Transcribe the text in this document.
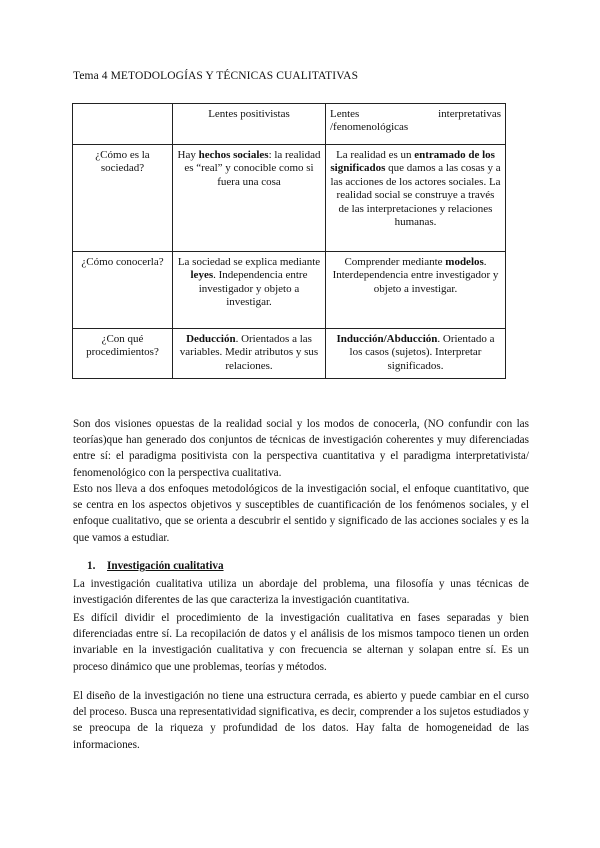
Tema 4 METODOLOGÍAS Y TÉCNICAS CUALITATIVAS
	Lentes positivistas	Lentes interpretativas
/fenomenológicas

¿Cómo es la sociedad?	Hay hechos sociales: la realidad es “real” y conocible como si fuera una cosa	La realidad es un entramado de los significados que damos a las cosas y a las acciones de los actores sociales. La realidad social se construye a través de las interpretaciones y relaciones humanas.
¿Cómo conocerla?	La sociedad se explica mediante leyes. Independencia entre investigador y objeto a investigar.	Comprender mediante modelos. Interdependencia entre investigador y objeto a investigar.
¿Con qué procedimientos?	Deducción. Orientados a las variables. Medir atributos y sus relaciones.	Inducción/Abducción. Orientado a los casos (sujetos). Interpretar significados.

Son dos visiones opuestas de la realidad social y los modos de conocerla, (NO confundir con las teorías)que han generado dos conjuntos de técnicas de investigación coherentes y muy diferenciadas entre sí: el paradigma positivista con la perspectiva cuantitativa y el paradigma interpretativista/ fenomenológico con la perspectiva cualitativa.

Esto nos lleva a dos enfoques metodológicos de la investigación social, el enfoque cuantitativo, que se centra en los aspectos objetivos y susceptibles de cuantificación de los fenómenos sociales, y el enfoque cualitativo, que se orienta a descubrir el sentido y significado de las acciones sociales y es la que vamos a estudiar.

1. Investigación cualitativa

La investigación cualitativa utiliza un abordaje del problema, una filosofía y unas técnicas de investigación diferentes de las que caracteriza la investigación cuantitativa.

Es difícil dividir el procedimiento de la investigación cualitativa en fases separadas y bien diferenciadas entre sí. La recopilación de datos y el análisis de los mismos tampoco tienen un orden invariable en la investigación cualitativa y con frecuencia se alternan y solapan entre sí. Es un proceso dinámico que une problemas, teorías y métodos.

El diseño de la investigación no tiene una estructura cerrada, es abierto y puede cambiar en el curso del proceso. Busca una representatividad significativa, es decir, comprender a los sujetos estudiados y se preocupa de la riqueza y profundidad de los datos. Hay falta de homogeneidad de las informaciones.
